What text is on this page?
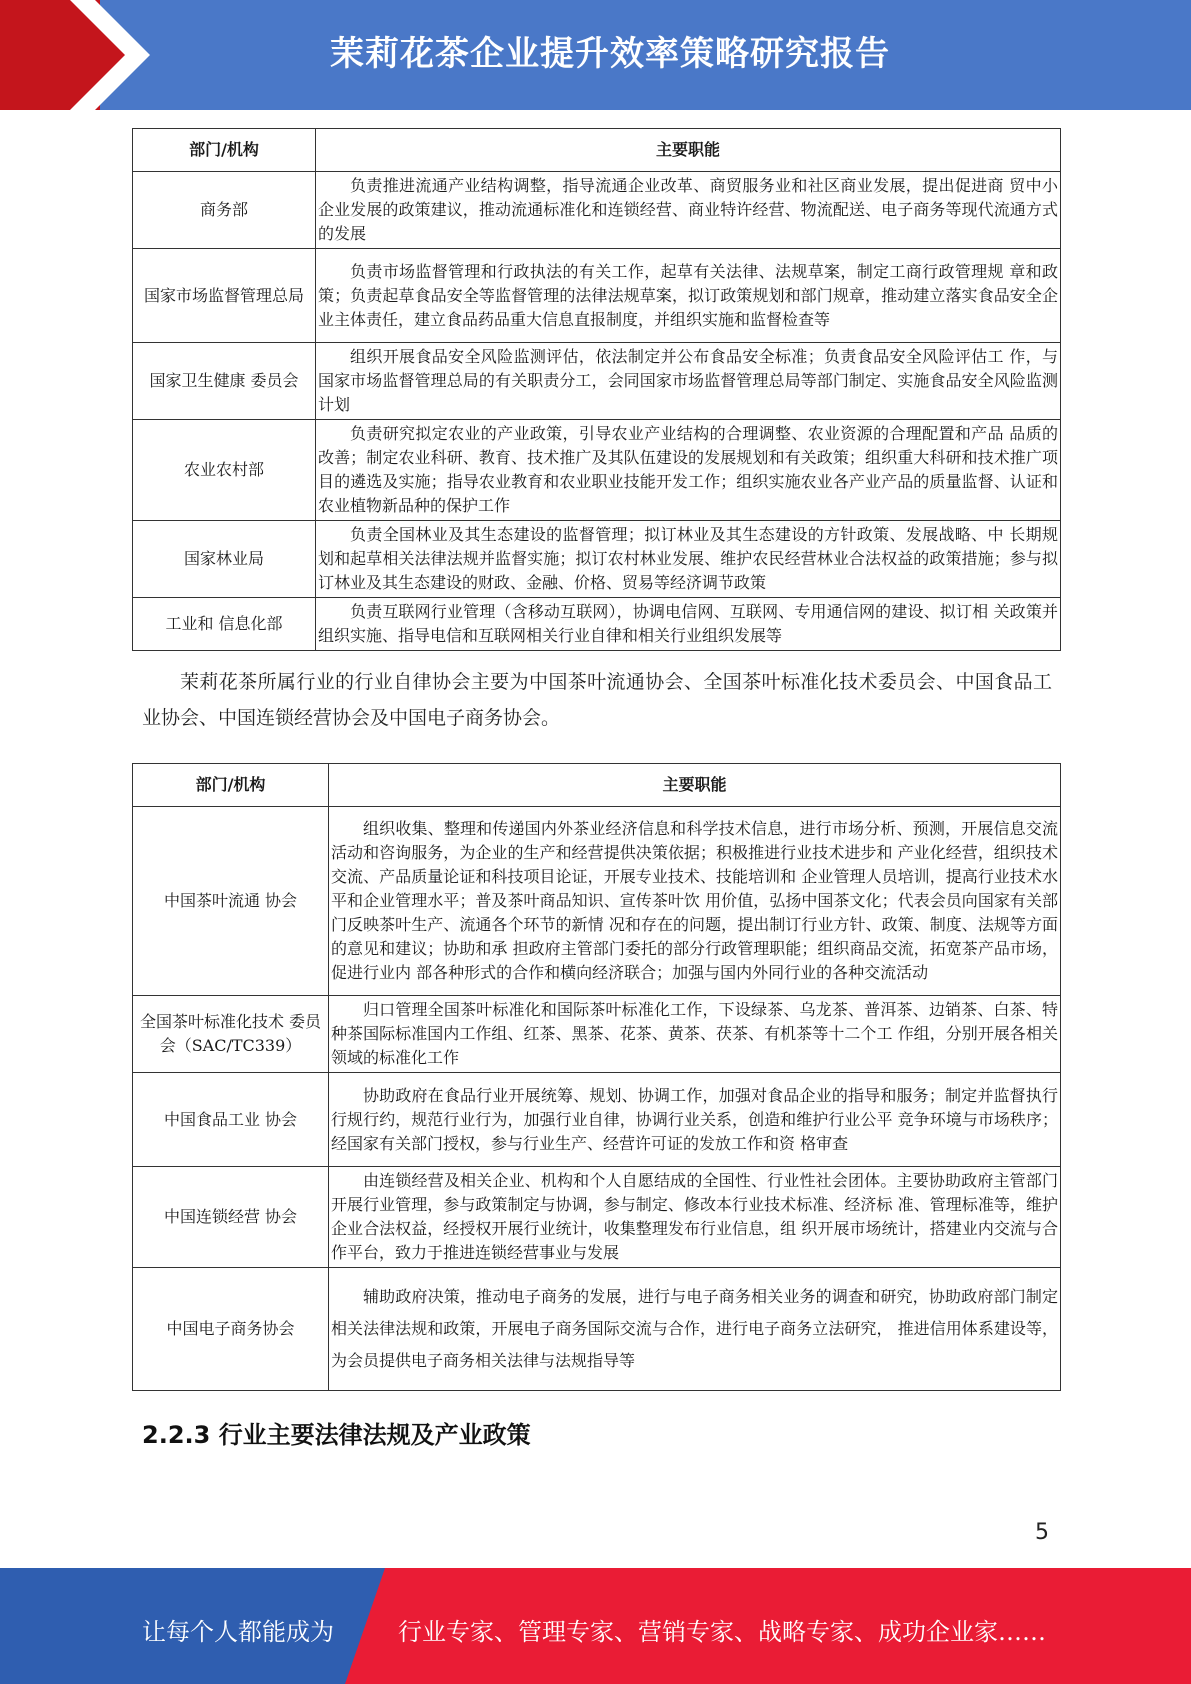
茉莉花茶企业提升效率策略研究报告
部门/机构	主要职能
商务部	负责推进流通产业结构调整，指导流通企业改革、商贸服务业和社区商业发展，提出促进商 贸中小企业发展的政策建议，推动流通标准化和连锁经营、商业特许经营、物流配送、电子商务等现代流通方式的发展
国家市场监督管理总局	负责市场监督管理和行政执法的有关工作，起草有关法律、法规草案，制定工商行政管理规 章和政策；负责起草食品安全等监督管理的法律法规草案，拟订政策规划和部门规章，推动建立落实食品安全企业主体责任，建立食品药品重大信息直报制度，并组织实施和监督检查等
国家卫生健康 委员会	组织开展食品安全风险监测评估，依法制定并公布食品安全标准；负责食品安全风险评估工 作，与国家市场监督管理总局的有关职责分工，会同国家市场监督管理总局等部门制定、实施食品安全风险监测计划
农业农村部	负责研究拟定农业的产业政策，引导农业产业结构的合理调整、农业资源的合理配置和产品 品质的改善；制定农业科研、教育、技术推广及其队伍建设的发展规划和有关政策；组织重大科研和技术推广项目的遴选及实施；指导农业教育和农业职业技能开发工作；组织实施农业各产业产品的质量监督、认证和农业植物新品种的保护工作
国家林业局	负责全国林业及其生态建设的监督管理；拟订林业及其生态建设的方针政策、发展战略、中 长期规划和起草相关法律法规并监督实施；拟订农村林业发展、维护农民经营林业合法权益的政策措施；参与拟订林业及其生态建设的财政、金融、价格、贸易等经济调节政策
工业和 信息化部	负责互联网行业管理（含移动互联网），协调电信网、互联网、专用通信网的建设、拟订相 关政策并组织实施、指导电信和互联网相关行业自律和相关行业组织发展等
茉莉花茶所属行业的行业自律协会主要为中国茶叶流通协会、全国茶叶标准化技术委员会、中国食品工业协会、中国连锁经营协会及中国电子商务协会。
部门/机构	主要职能
中国茶叶流通 协会	组织收集、整理和传递国内外茶业经济信息和科学技术信息，进行市场分析、预测，开展信息交流活动和咨询服务，为企业的生产和经营提供决策依据；积极推进行业技术进步和 产业化经营，组织技术交流、产品质量论证和科技项目论证，开展专业技术、技能培训和 企业管理人员培训，提高行业技术水平和企业管理水平；普及茶叶商品知识、宣传茶叶饮 用价值，弘扬中国茶文化；代表会员向国家有关部门反映茶叶生产、流通各个环节的新情 况和存在的问题，提出制订行业方针、政策、制度、法规等方面的意见和建议；协助和承 担政府主管部门委托的部分行政管理职能；组织商品交流，拓宽茶产品市场，促进行业内 部各种形式的合作和横向经济联合；加强与国内外同行业的各种交流活动
全国茶叶标准化技术 委员会（SAC/TC339）	归口管理全国茶叶标准化和国际茶叶标准化工作，下设绿茶、乌龙茶、普洱茶、边销茶、白茶、特种茶国际标准国内工作组、红茶、黑茶、花茶、黄茶、茯茶、有机茶等十二个工 作组，分别开展各相关领域的标准化工作
中国食品工业 协会	协助政府在食品行业开展统筹、规划、协调工作，加强对食品企业的指导和服务；制定并监督执行行规行约，规范行业行为，加强行业自律，协调行业关系，创造和维护行业公平 竞争环境与市场秩序；经国家有关部门授权，参与行业生产、经营许可证的发放工作和资 格审查
中国连锁经营 协会	由连锁经营及相关企业、机构和个人自愿结成的全国性、行业性社会团体。主要协助政府主管部门开展行业管理，参与政策制定与协调，参与制定、修改本行业技术标准、经济标 准、管理标准等，维护企业合法权益，经授权开展行业统计，收集整理发布行业信息，组 织开展市场统计，搭建业内交流与合作平台，致力于推进连锁经营事业与发展
中国电子商务协会	辅助政府决策，推动电子商务的发展，进行与电子商务相关业务的调查和研究，协助政府部门制定相关法律法规和政策，开展电子商务国际交流与合作，进行电子商务立法研究， 推进信用体系建设等，为会员提供电子商务相关法律与法规指导等
2.2.3 行业主要法律法规及产业政策
5
让每个人都能成为	行业专家、管理专家、营销专家、战略专家、成功企业家……
